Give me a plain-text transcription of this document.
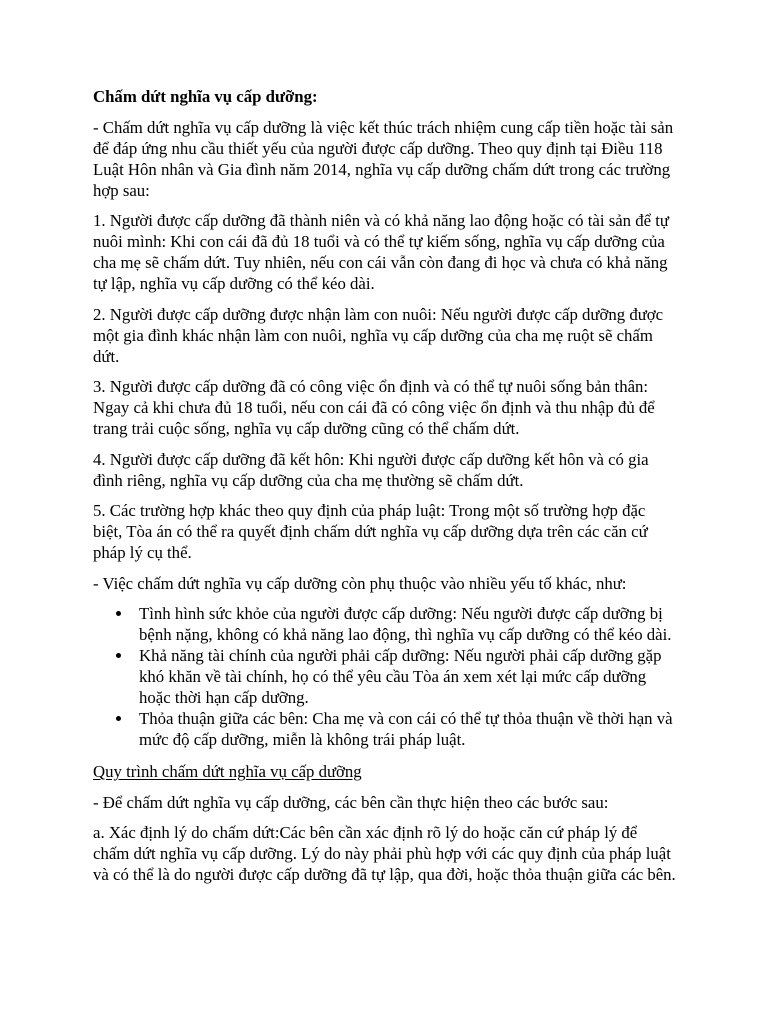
Chấm dứt nghĩa vụ cấp dưỡng:

- Chấm dứt nghĩa vụ cấp dưỡng là việc kết thúc trách nhiệm cung cấp tiền hoặc tài sản để đáp ứng nhu cầu thiết yếu của người được cấp dưỡng. Theo quy định tại Điều 118 Luật Hôn nhân và Gia đình năm 2014, nghĩa vụ cấp dưỡng chấm dứt trong các trường hợp sau:

1. Người được cấp dưỡng đã thành niên và có khả năng lao động hoặc có tài sản để tự nuôi mình: Khi con cái đã đủ 18 tuổi và có thể tự kiếm sống, nghĩa vụ cấp dưỡng của cha mẹ sẽ chấm dứt. Tuy nhiên, nếu con cái vẫn còn đang đi học và chưa có khả năng tự lập, nghĩa vụ cấp dưỡng có thể kéo dài.

2. Người được cấp dưỡng được nhận làm con nuôi: Nếu người được cấp dưỡng được một gia đình khác nhận làm con nuôi, nghĩa vụ cấp dưỡng của cha mẹ ruột sẽ chấm dứt.

3. Người được cấp dưỡng đã có công việc ổn định và có thể tự nuôi sống bản thân: Ngay cả khi chưa đủ 18 tuổi, nếu con cái đã có công việc ổn định và thu nhập đủ để trang trải cuộc sống, nghĩa vụ cấp dưỡng cũng có thể chấm dứt.

4. Người được cấp dưỡng đã kết hôn: Khi người được cấp dưỡng kết hôn và có gia đình riêng, nghĩa vụ cấp dưỡng của cha mẹ thường sẽ chấm dứt.

5. Các trường hợp khác theo quy định của pháp luật: Trong một số trường hợp đặc biệt, Tòa án có thể ra quyết định chấm dứt nghĩa vụ cấp dưỡng dựa trên các căn cứ pháp lý cụ thể.

- Việc chấm dứt nghĩa vụ cấp dưỡng còn phụ thuộc vào nhiều yếu tố khác, như:

Tình hình sức khỏe của người được cấp dưỡng: Nếu người được cấp dưỡng bị bệnh nặng, không có khả năng lao động, thì nghĩa vụ cấp dưỡng có thể kéo dài.
Khả năng tài chính của người phải cấp dưỡng: Nếu người phải cấp dưỡng gặp khó khăn về tài chính, họ có thể yêu cầu Tòa án xem xét lại mức cấp dưỡng hoặc thời hạn cấp dưỡng.
Thỏa thuận giữa các bên: Cha mẹ và con cái có thể tự thỏa thuận về thời hạn và mức độ cấp dưỡng, miễn là không trái pháp luật.

Quy trình chấm dứt nghĩa vụ cấp dưỡng

- Để chấm dứt nghĩa vụ cấp dưỡng, các bên cần thực hiện theo các bước sau:

a. Xác định lý do chấm dứt:Các bên cần xác định rõ lý do hoặc căn cứ pháp lý để chấm dứt nghĩa vụ cấp dưỡng. Lý do này phải phù hợp với các quy định của pháp luật và có thể là do người được cấp dưỡng đã tự lập, qua đời, hoặc thỏa thuận giữa các bên.
